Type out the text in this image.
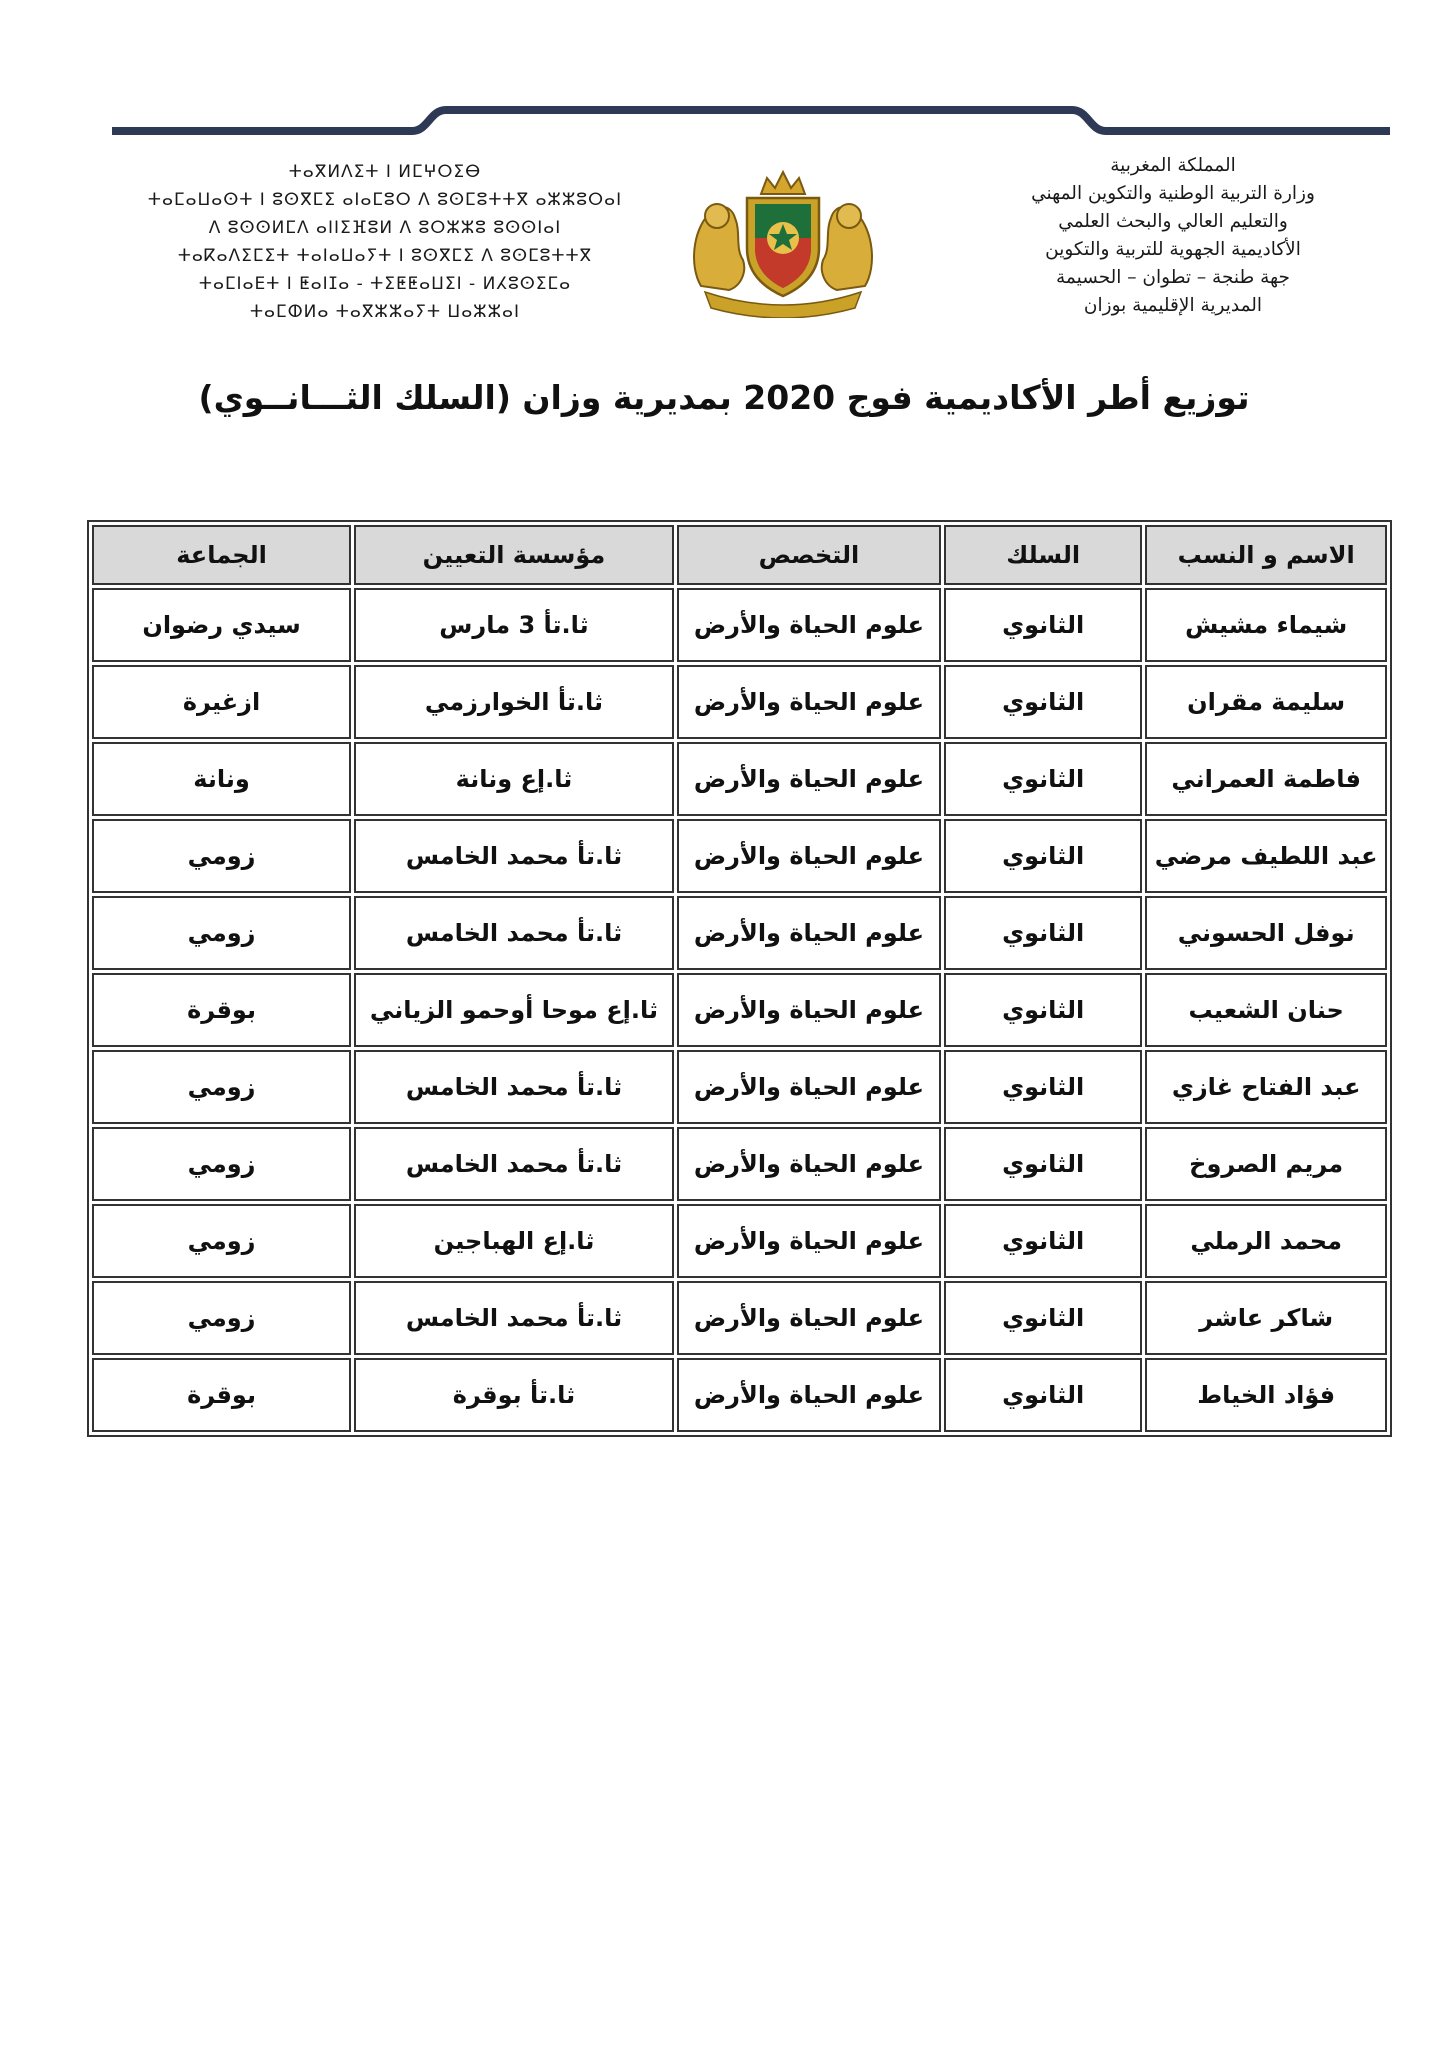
المملكة المغربية
وزارة التربية الوطنية والتكوين المهني
والتعليم العالي والبحث العلمي
الأكاديمية الجهوية للتربية والتكوين
جهة طنجة – تطوان – الحسيمة
المديرية الإقليمية بوزان
ⵜⴰⴳⵍⴷⵉⵜ ⵏ ⵍⵎⵖⵔⵉⴱ
ⵜⴰⵎⴰⵡⴰⵙⵜ ⵏ ⵓⵙⴳⵎⵉ ⴰⵏⴰⵎⵓⵔ ⴷ ⵓⵙⵎⵓⵜⵜⴳ ⴰⵣⵣⵓⵔⴰⵏ
ⴷ ⵓⵙⵙⵍⵎⴷ ⴰⵏⵏⵉⴼⵓⵍ ⴷ ⵓⵔⵣⵣⵓ ⵓⵙⵙⵏⴰⵏ
ⵜⴰⴽⴰⴷⵉⵎⵉⵜ ⵜⴰⵏⴰⵡⴰⵢⵜ ⵏ ⵓⵙⴳⵎⵉ ⴷ ⵓⵙⵎⵓⵜⵜⴳ
ⵜⴰⵎⵏⴰⴹⵜ ⵏ ⵟⴰⵏⵊⴰ - ⵜⵉⵟⵟⴰⵡⵉⵏ - ⵍⵃⵓⵙⵉⵎⴰ
ⵜⴰⵎⵀⵍⴰ ⵜⴰⴳⵣⵣⴰⵢⵜ ⵡⴰⵣⵣⴰⵏ
توزيع أطر الأكاديمية فوج 2020 بمديرية وزان (السلك الثـــانــوي)
الاسم و النسب	السلك	التخصص	مؤسسة التعيين	الجماعة
شيماء مشيش	الثانوي	علوم الحياة والأرض	ثا.تأ 3 مارس	سيدي رضوان
سليمة مقران	الثانوي	علوم الحياة والأرض	ثا.تأ الخوارزمي	ازغيرة
فاطمة العمراني	الثانوي	علوم الحياة والأرض	ثا.إع ونانة	ونانة
عبد اللطيف مرضي	الثانوي	علوم الحياة والأرض	ثا.تأ محمد الخامس	زومي
نوفل الحسوني	الثانوي	علوم الحياة والأرض	ثا.تأ محمد الخامس	زومي
حنان الشعيب	الثانوي	علوم الحياة والأرض	ثا.إع موحا أوحمو الزياني	بوقرة
عبد الفتاح غازي	الثانوي	علوم الحياة والأرض	ثا.تأ محمد الخامس	زومي
مريم الصروخ	الثانوي	علوم الحياة والأرض	ثا.تأ محمد الخامس	زومي
محمد الرملي	الثانوي	علوم الحياة والأرض	ثا.إع الهباجين	زومي
شاكر عاشر	الثانوي	علوم الحياة والأرض	ثا.تأ محمد الخامس	زومي
فؤاد الخياط	الثانوي	علوم الحياة والأرض	ثا.تأ بوقرة	بوقرة
